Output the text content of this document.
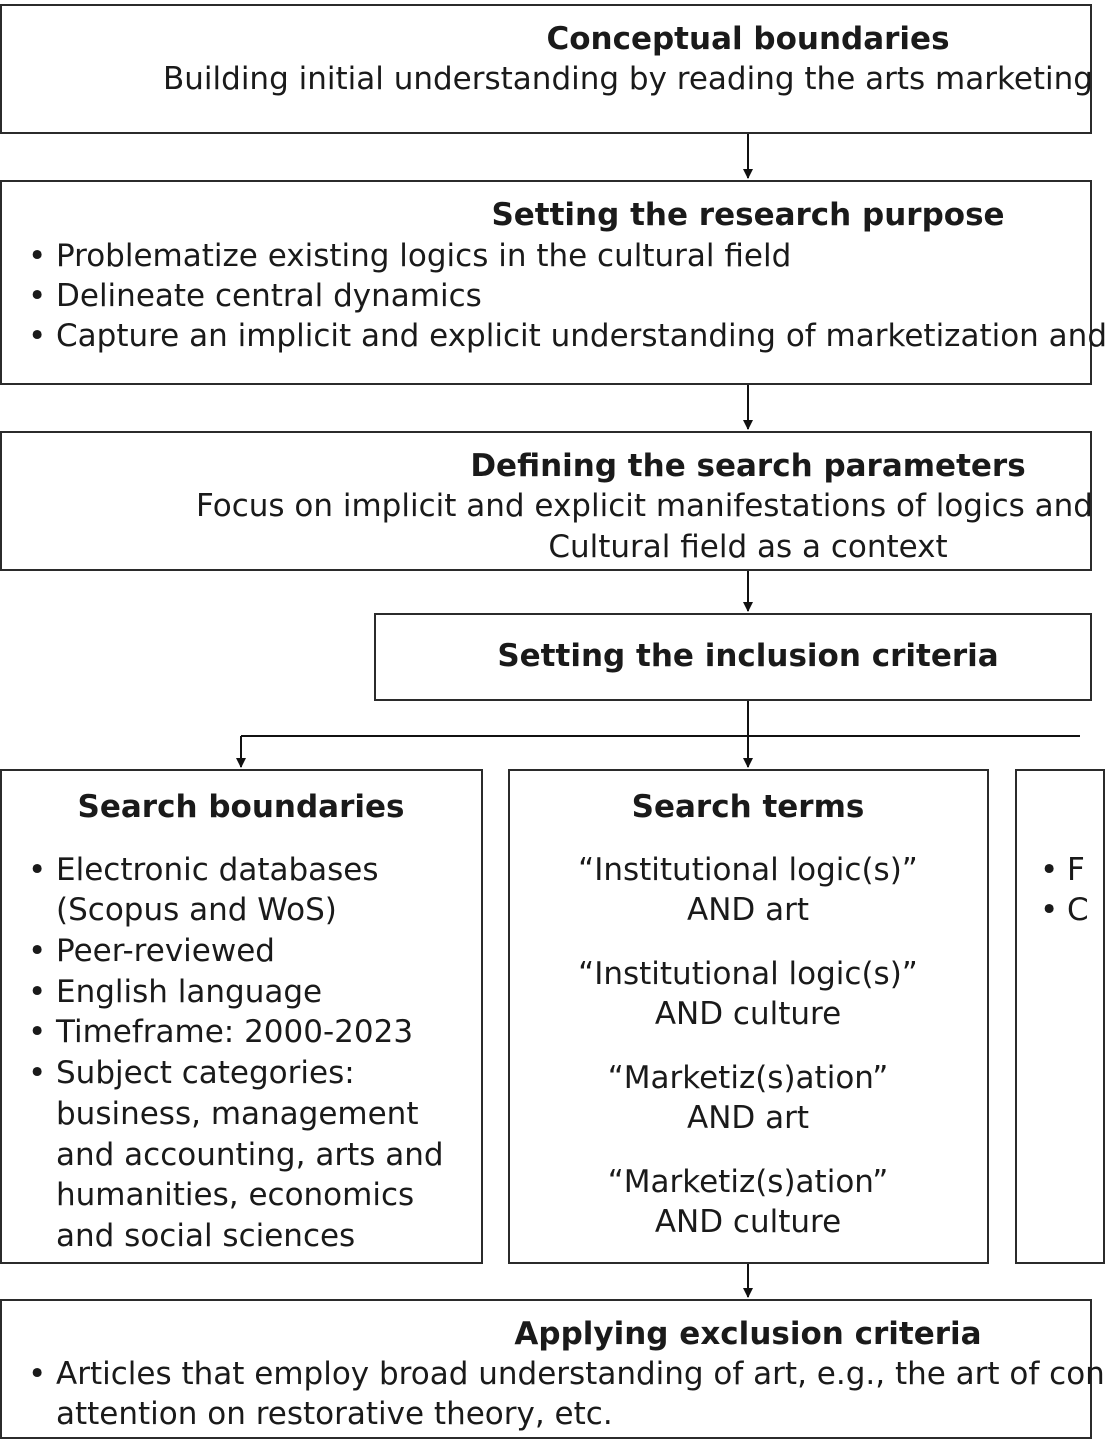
Conceptual boundaries
Building initial understanding by reading the arts marketing
Setting the research purpose
• Problematize existing logics in the cultural field
• Delineate central dynamics
• Capture an implicit and explicit understanding of marketization and
Defining the search parameters
Focus on implicit and explicit manifestations of logics and
Cultural field as a context
Setting the inclusion criteria
Search boundaries
• Electronic databases
(Scopus and WoS)
• Peer-reviewed
• English language
• Timeframe: 2000-2023
• Subject categories:
business, management
and accounting, arts and
humanities, economics
and social sciences
Search terms
“Institutional logic(s)”
AND art
“Institutional logic(s)”
AND culture
“Marketiz(s)ation”
AND art
“Marketiz(s)ation”
AND culture
• F
• C
Applying exclusion criteria
• Articles that employ broad understanding of art, e.g., the art of con
attention on restorative theory, etc.
